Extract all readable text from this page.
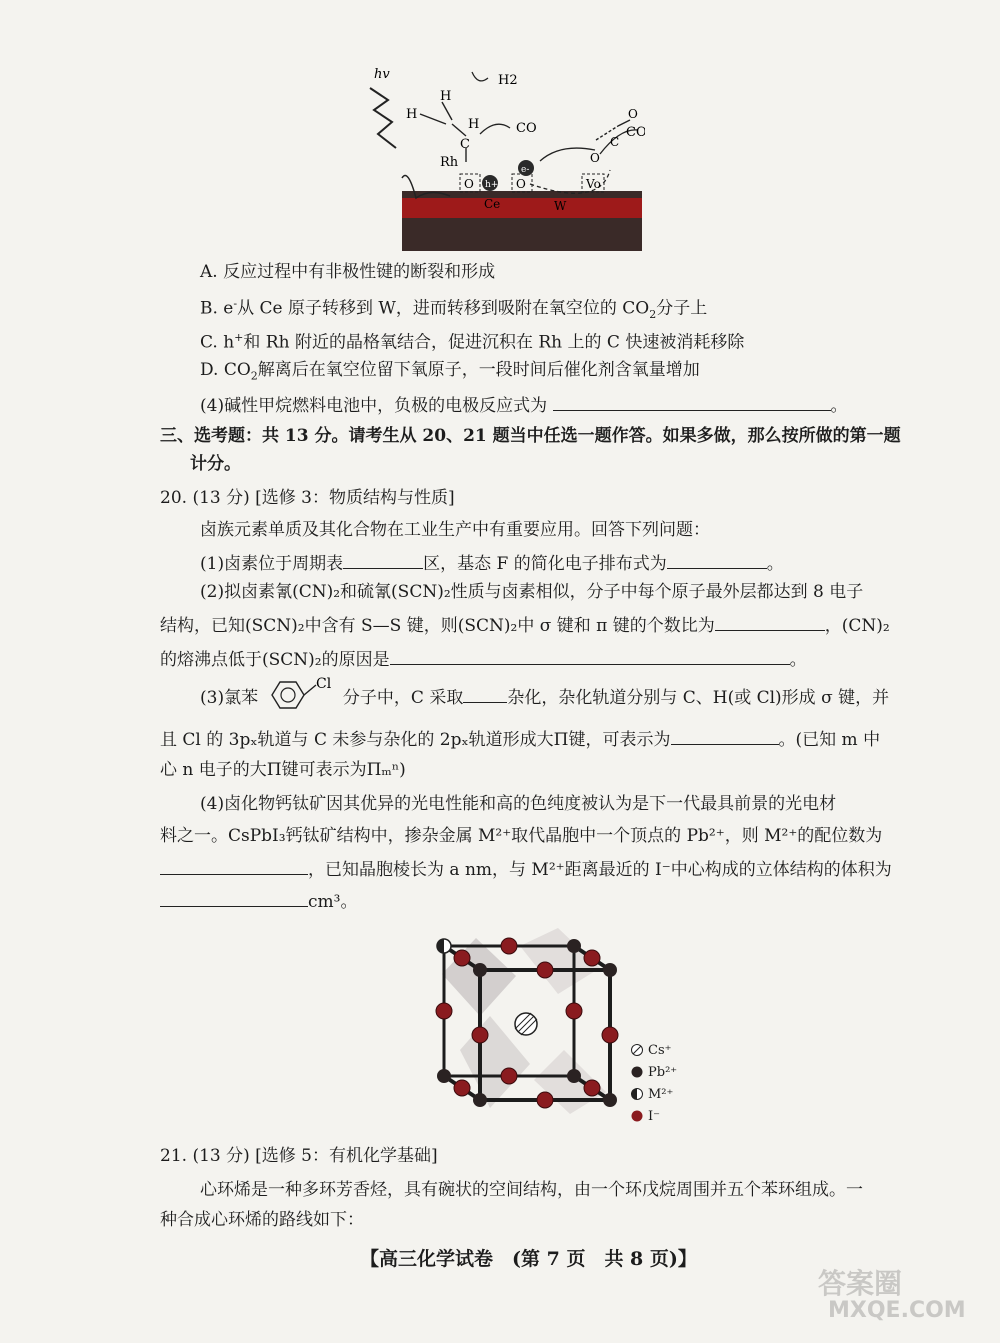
hv	H2
H
H
H
C
Rh
CO	CO
O h+ O
e-
O
C
O
Vo
Ce	W
A. 反应过程中有非极性键的断裂和形成
B. e-从 Ce 原子转移到 W，进而转移到吸附在氧空位的 $CO_2$分子上
C. h+和 Rh 附近的晶格氧结合，促进沉积在 Rh 上的 C 快速被消耗移除
D. $CO_2$解离后在氧空位留下氧原子，一段时间后催化剂含氧量增加
(4)碱性甲烷燃料电池中，负极的电极反应式为	。
三、选考题：共 13 分。请考生从 20、21 题当中任选一题作答。如果多做，那么按所做的第一题
计分。
20. (13 分) [选修 3：物质结构与性质]
卤族元素单质及其化合物在工业生产中有重要应用。回答下列问题：
(1)卤素位于周期表	区，基态 F 的简化电子排布式为	。
(2)拟卤素氰(CN)₂和硫氰(SCN)₂性质与卤素相似，分子中每个原子最外层都达到 8 电子
结构，已知(SCN)₂中含有 S—S 键，则(SCN)₂中 σ 键和 π 键的个数比为	，(CN)₂
的熔沸点低于(SCN)₂的原因是	。
(3)氯苯
Cl
分子中，C 采取	杂化，杂化轨道分别与 C、H(或 Cl)形成 σ 键，并
且 Cl 的 3pₓ轨道与 C 未参与杂化的 2pₓ轨道形成大Π键，可表示为	。(已知 m 中
心 n 电子的大Π键可表示为Πₘⁿ)
(4)卤化物钙钛矿因其优异的光电性能和高的色纯度被认为是下一代最具前景的光电材
料之一。CsPbI₃钙钛矿结构中，掺杂金属 M²⁺取代晶胞中一个顶点的 Pb²⁺，则 M²⁺的配位数为
，已知晶胞棱长为 a nm，与 M²⁺距离最近的 I⁻中心构成的立体结构的体积为
cm³。
Cs⁺
Pb²⁺
M²⁺
I⁻
21. (13 分) [选修 5：有机化学基础]
心环烯是一种多环芳香烃，具有碗状的空间结构，由一个环戊烷周围并五个苯环组成。一
种合成心环烯的路线如下：
【高三化学试卷　(第 7 页　共 8 页)】
答案圈
MXQE.COM
